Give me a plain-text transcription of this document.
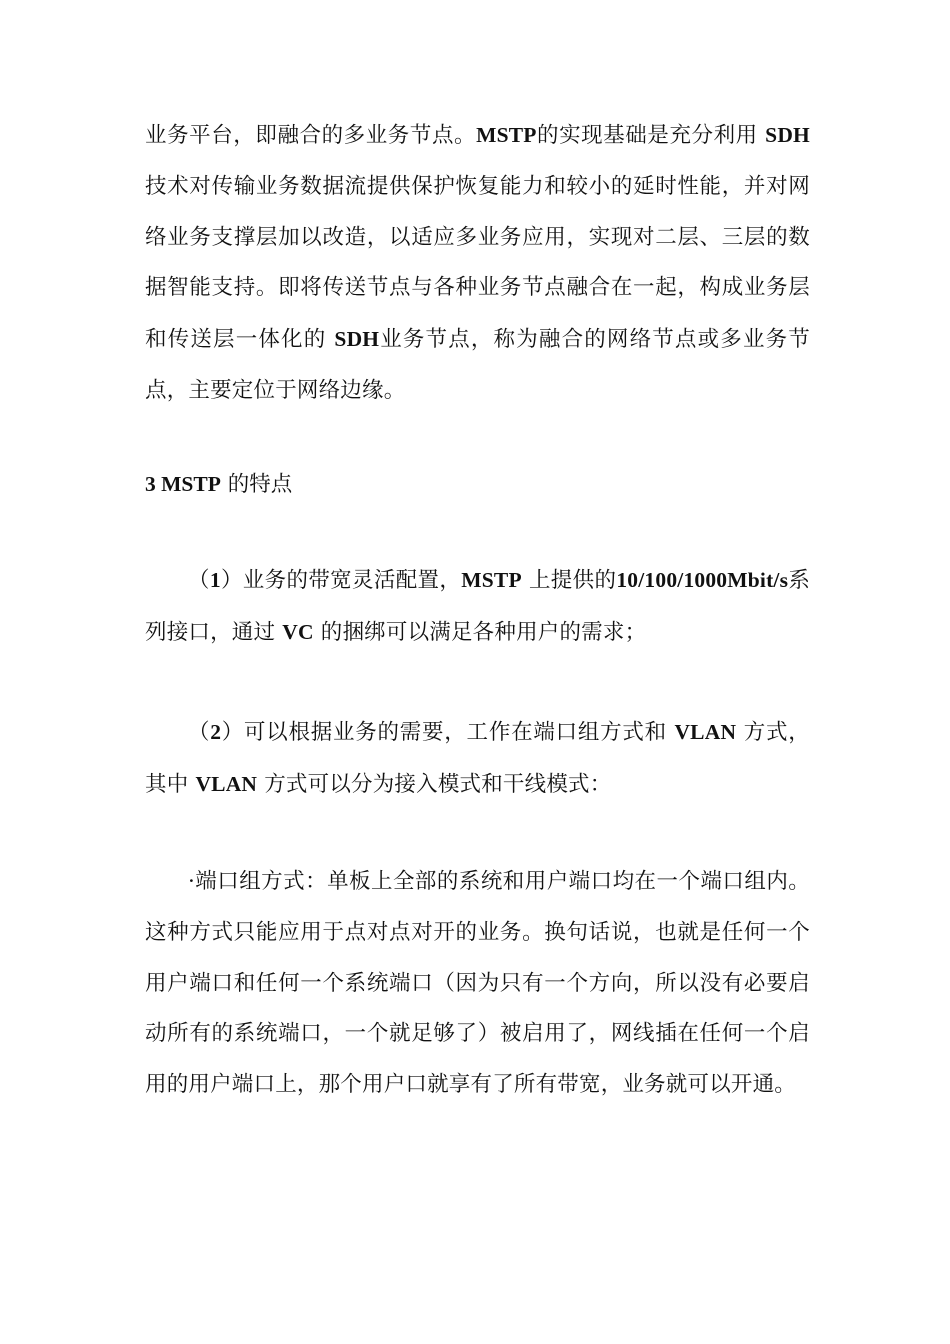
业务平台，即融合的多业务节点。MSTP的实现基础是充分利用 SDH技术对传输业务数据流提供保护恢复能力和较小的延时性能，并对网络业务支撑层加以改造，以适应多业务应用，实现对二层、三层的数据智能支持。即将传送节点与各种业务节点融合在一起，构成业务层和传送层一体化的 SDH业务节点，称为融合的网络节点或多业务节点，主要定位于网络边缘。

3 MSTP 的特点

（1）业务的带宽灵活配置，MSTP 上提供的10/100/1000Mbit/s系列接口，通过 VC 的捆绑可以满足各种用户的需求；

（2）可以根据业务的需要，工作在端口组方式和 VLAN 方式，其中 VLAN 方式可以分为接入模式和干线模式：

·端口组方式：单板上全部的系统和用户端口均在一个端口组内。这种方式只能应用于点对点对开的业务。换句话说，也就是任何一个用户端口和任何一个系统端口（因为只有一个方向，所以没有必要启动所有的系统端口，一个就足够了）被启用了，网线插在任何一个启用的用户端口上，那个用户口就享有了所有带宽，业务就可以开通。
